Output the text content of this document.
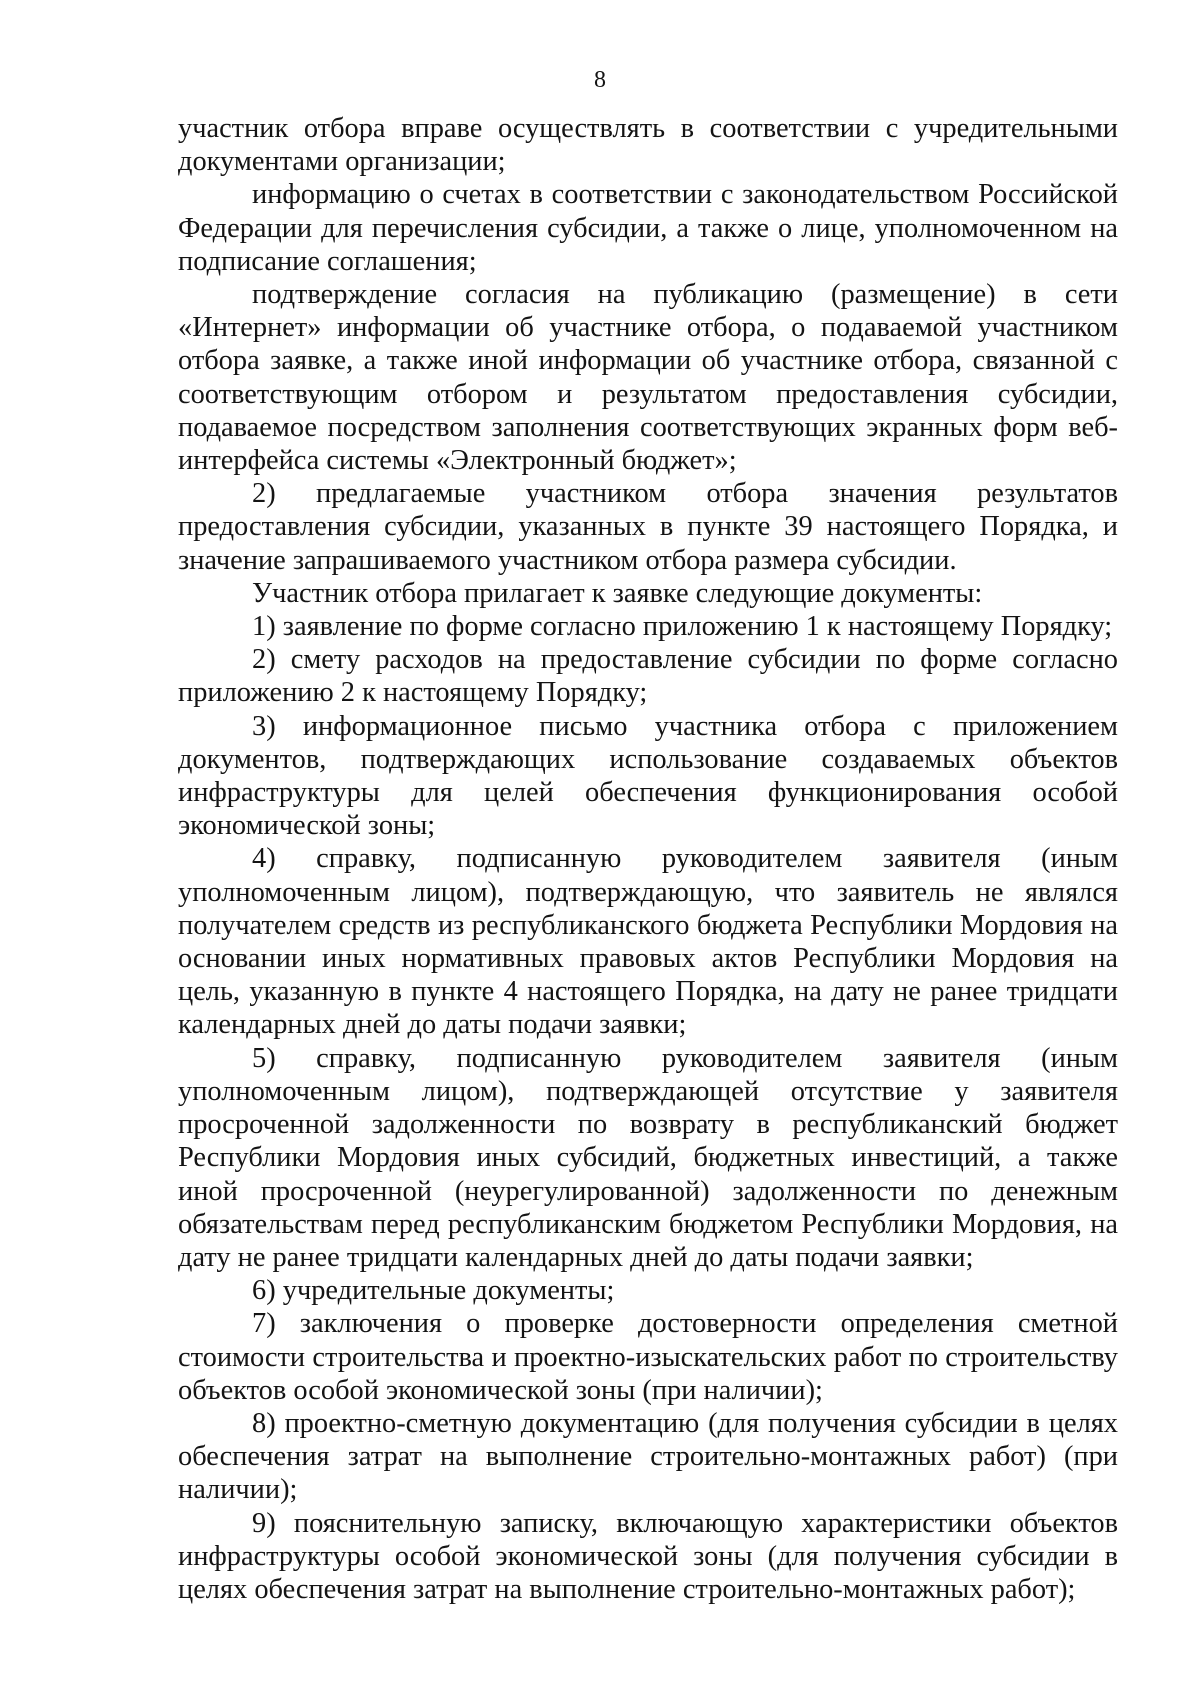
8

участник отбора вправе осуществлять в соответствии с учредительными документами организации;

информацию о счетах в соответствии с законодательством Российской Федерации для перечисления субсидии, а также о лице, уполномоченном на подписание соглашения;

подтверждение согласия на публикацию (размещение) в сети «Интернет» информации об участнике отбора, о подаваемой участником отбора заявке, а также иной информации об участнике отбора, связанной с соответствующим отбором и результатом предоставления субсидии, подаваемое посредством заполнения соответствующих экранных форм веб-интерфейса системы «Электронный бюджет»;

2) предлагаемые участником отбора значения результатов предоставления субсидии, указанных в пункте 39 настоящего Порядка, и значение запрашиваемого участником отбора размера субсидии.

Участник отбора прилагает к заявке следующие документы:

1) заявление по форме согласно приложению 1 к настоящему Порядку;

2) смету расходов на предоставление субсидии по форме согласно приложению 2 к настоящему Порядку;

3) информационное письмо участника отбора с приложением документов, подтверждающих использование создаваемых объектов инфраструктуры для целей обеспечения функционирования особой экономической зоны;

4) справку, подписанную руководителем заявителя (иным уполномоченным лицом), подтверждающую, что заявитель не являлся получателем средств из республиканского бюджета Республики Мордовия на основании иных нормативных правовых актов Республики Мордовия на цель, указанную в пункте 4 настоящего Порядка, на дату не ранее тридцати календарных дней до даты подачи заявки;

5) справку, подписанную руководителем заявителя (иным уполномоченным лицом), подтверждающей отсутствие у заявителя просроченной задолженности по возврату в республиканский бюджет Республики Мордовия иных субсидий, бюджетных инвестиций, а также иной просроченной (неурегулированной) задолженности по денежным обязательствам перед республиканским бюджетом Республики Мордовия, на дату не ранее тридцати календарных дней до даты подачи заявки;

6) учредительные документы;

7) заключения о проверке достоверности определения сметной стоимости строительства и проектно-изыскательских работ по строительству объектов особой экономической зоны (при наличии);

8) проектно-сметную документацию (для получения субсидии в целях обеспечения затрат на выполнение строительно-монтажных работ) (при наличии);

9) пояснительную записку, включающую характеристики объектов инфраструктуры особой экономической зоны (для получения субсидии в целях обеспечения затрат на выполнение строительно-монтажных работ);
